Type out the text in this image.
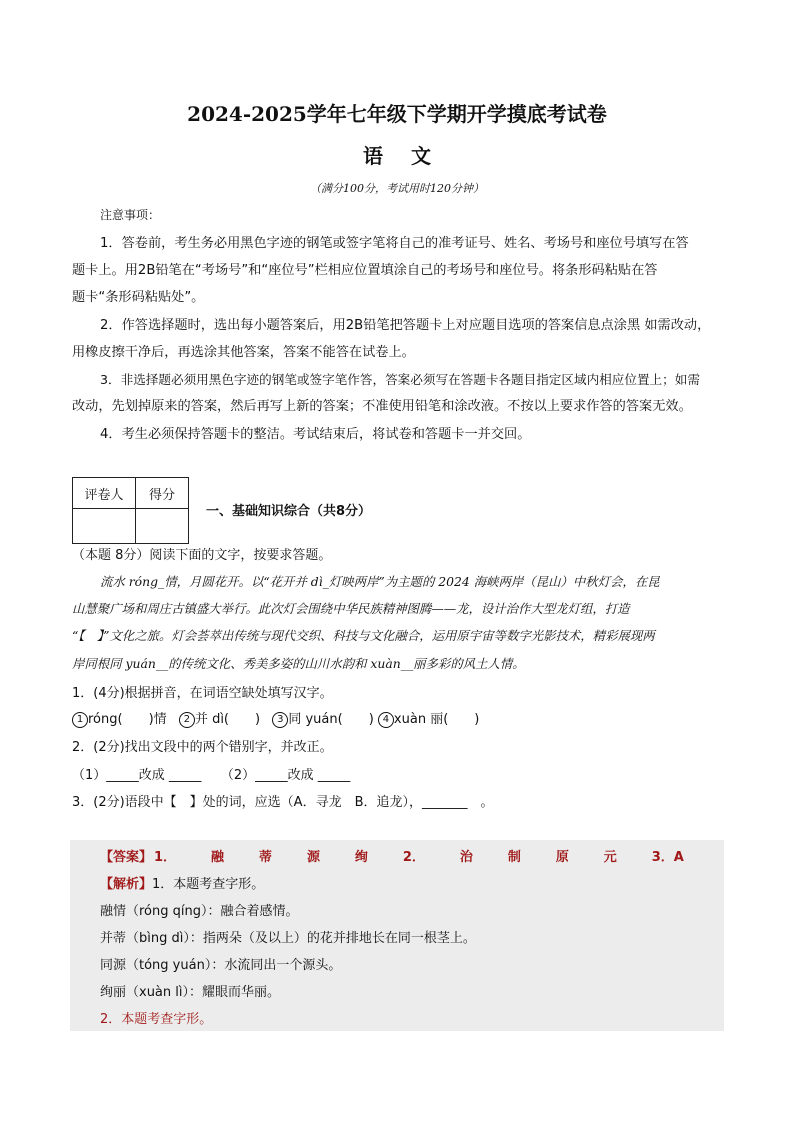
2024-2025学年七年级下学期开学摸底考试卷
语文
（满分100分，考试用时120分钟）
注意事项：
1．答卷前，考生务必用黑色字迹的钢笔或签字笔将自己的准考证号、姓名、考场号和座位号填写在答
题卡上。用2B铅笔在“考场号”和“座位号”栏相应位置填涂自己的考场号和座位号。将条形码粘贴在答
题卡“条形码粘贴处”。
2．作答选择题时，选出每小题答案后，用2B铅笔把答题卡上对应题目选项的答案信息点涂黑 如需改动，
用橡皮擦干净后，再选涂其他答案，答案不能答在试卷上。
3．非选择题必须用黑色字迹的钢笔或签字笔作答，答案必须写在答题卡各题目指定区域内相应位置上；如需
改动，先划掉原来的答案，然后再写上新的答案；不准使用铅笔和涂改液。不按以上要求作答的答案无效。
4．考生必须保持答题卡的整洁。考试结束后，将试卷和答题卡一并交回。
评卷人	得分

一、基础知识综合（共8分）
（本题 8分）阅读下面的文字，按要求答题。
流水 róng_情，月圆花开。以“花开并 dì_灯映两岸”为主题的 2024 海峡两岸（昆山）中秋灯会，在昆
山慧聚广场和周庄古镇盛大举行。此次灯会围绕中华民族精神图腾——龙，设计治作大型龙灯组，打造
“【　】”文化之旅。灯会荟萃出传统与现代交织、科技与文化融合，运用原宇宙等数字光影技术，精彩展现两
岸同根同 yuán__的传统文化、秀美多姿的山川水韵和 xuàn__丽多彩的风土人情。
1．(4分)根据拼音，在词语空缺处填写汉字。
1 róng(　　)情 2 并 dì(　　) 3 同 yuán(　　) 4 xuàn 丽(　　)
2．(2分)找出文段中的两个错别字，并改正。
（1）_____改成 _____　　（2）_____改成 _____
3．(2分)语段中【　】处的词，应选（A．寻龙　B．追龙），_______　。
【答案】 1．	融	蒂	源	绚	2．	治	制	原	元	3．A
【解析】1．本题考查字形。
融情（róng qíng）：融合着感情。
并蒂（bìng dì）：指两朵（及以上）的花并排地长在同一根茎上。
同源（tóng yuán）：水流同出一个源头。
绚丽（xuàn lì）：耀眼而华丽。
2．本题考查字形。
